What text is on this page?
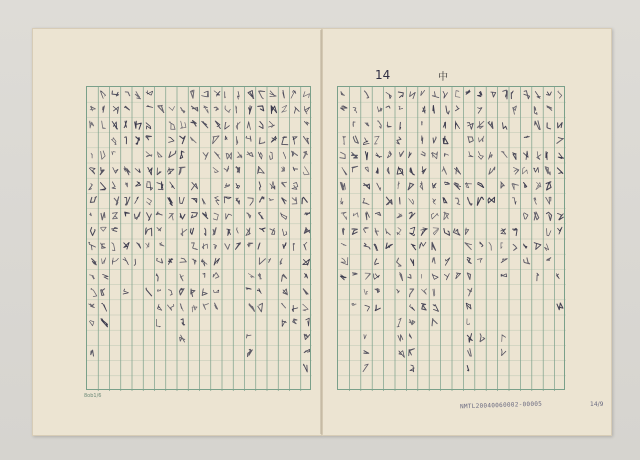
14	中
8ob1/6
NMTL20040060002-00005	14/9
